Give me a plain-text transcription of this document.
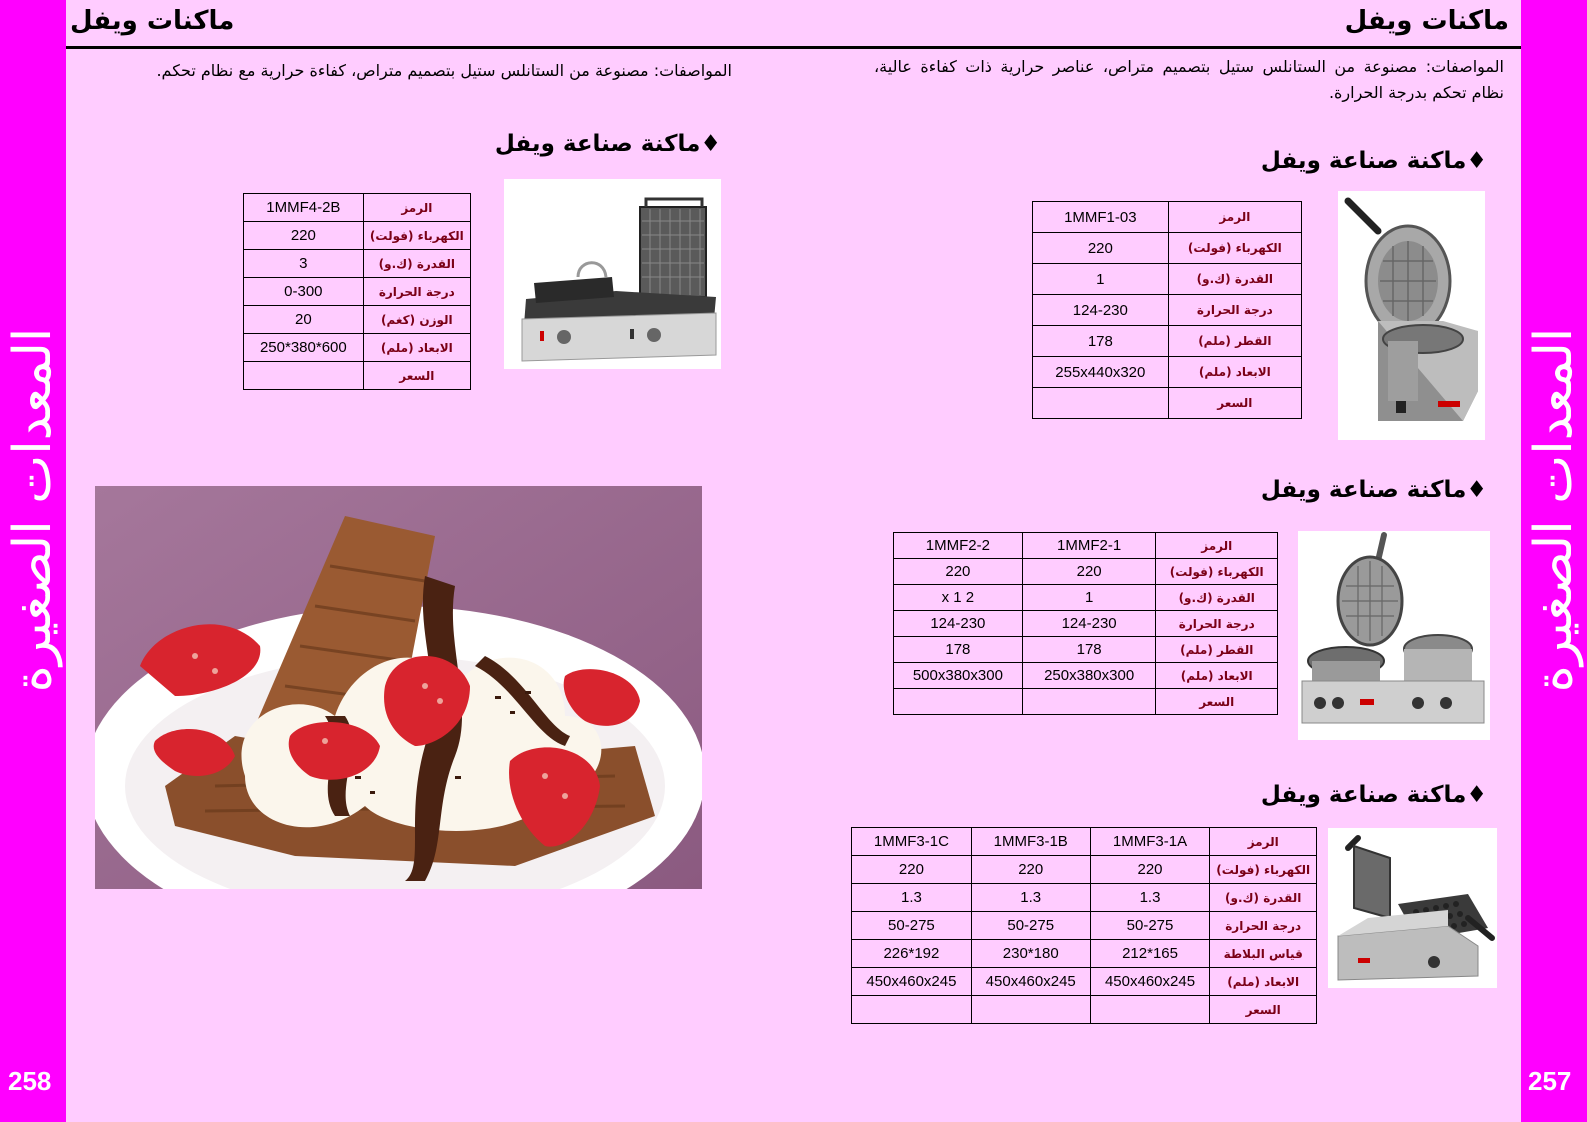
المعدات الصغيرة	المعدات الصغيرة
258	257
ماكنات ويفل	ماكنات ويفل
المواصفات: مصنوعة من الستانلس ستيل بتصميم متراص، كفاءة حرارية مع نظام تحكم.	المواصفات: مصنوعة من الستانلس ستيل بتصميم متراص، عناصر حرارية ذات كفاءة عالية، نظام تحكم بدرجة الحرارة.
♦ماكنة صناعة ويفل
الرمز	1MMF4-2B
الكهرباء (فولت)	220
القدرة (ك.و)	3
درجة الحرارة	0-300
الوزن (كغم)	20
الابعاد (ملم)	600*380*250
السعر	
♦ماكنة صناعة ويفل
الرمز	1MMF1-03
الكهرباء (فولت)	220
القدرة (ك.و)	1
درجة الحرارة	124-230
القطر (ملم)	178
الابعاد (ملم)	255x440x320
السعر	
♦ماكنة صناعة ويفل
الرمز	1MMF2-1	1MMF2-2
الكهرباء (فولت)	220	220
القدرة (ك.و)	1	2 x 1
درجة الحرارة	124-230	124-230
القطر (ملم)	178	178
الابعاد (ملم)	250x380x300	500x380x300
السعر		
♦ماكنة صناعة ويفل
الرمز	1MMF3-1A	1MMF3-1B	1MMF3-1C
الكهرباء (فولت)	220	220	220
القدرة (ك.و)	1.3	1.3	1.3
درجة الحرارة	50-275	50-275	50-275
قياس البلاطة	165*212	180*230	192*226
الابعاد (ملم)	450x460x245	450x460x245	450x460x245
السعر			
